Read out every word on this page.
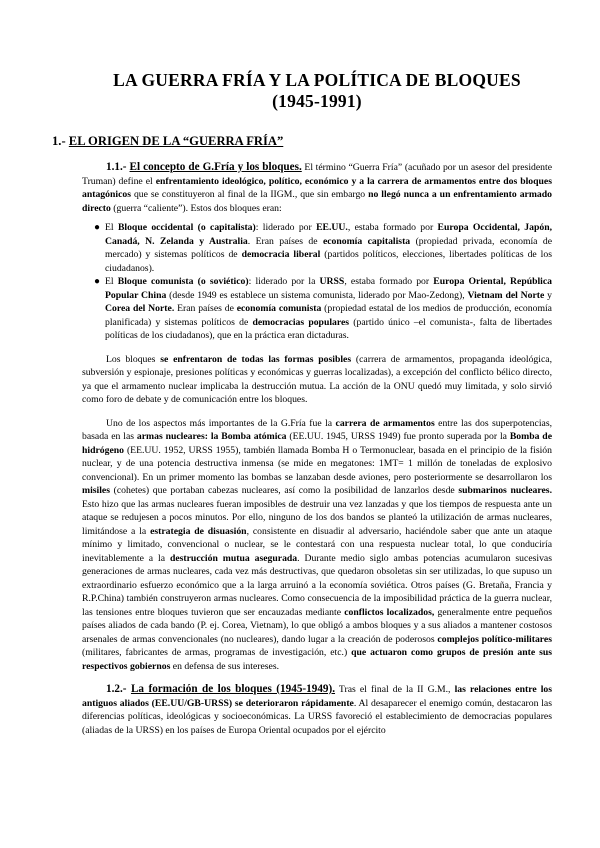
LA GUERRA FRÍA Y LA POLÍTICA DE BLOQUES
(1945-1991)
1.- EL ORIGEN DE LA “GUERRA FRÍA”

1.1.- El concepto de G.Fría y los bloques. El término “Guerra Fría” (acuñado por un asesor del presidente Truman) define el enfrentamiento ideológico, político, económico y a la carrera de armamentos entre dos bloques antagónicos que se constituyeron al final de la IIGM., que sin embargo no llegó nunca a un enfrentamiento armado directo (guerra “caliente”). Estos dos bloques eran:

● El Bloque occidental (o capitalista): liderado por EE.UU., estaba formado por Europa Occidental, Japón, Canadá, N. Zelanda y Australia. Eran países de economía capitalista (propiedad privada, economía de mercado) y sistemas políticos de democracia liberal (partidos políticos, elecciones, libertades políticas de los ciudadanos).
● El Bloque comunista (o soviético): liderado por la URSS, estaba formado por Europa Oriental, República Popular China (desde 1949 es establece un sistema comunista, liderado por Mao-Zedong), Vietnam del Norte y Corea del Norte. Eran países de economía comunista (propiedad estatal de los medios de producción, economía planificada) y sistemas políticos de democracias populares (partido único –el comunista-, falta de libertades políticas de los ciudadanos), que en la práctica eran dictaduras.

Los bloques se enfrentaron de todas las formas posibles (carrera de armamentos, propaganda ideológica, subversión y espionaje, presiones políticas y económicas y guerras localizadas), a excepción del conflicto bélico directo, ya que el armamento nuclear implicaba la destrucción mutua. La acción de la ONU quedó muy limitada, y solo sirvió como foro de debate y de comunicación entre los bloques.

Uno de los aspectos más importantes de la G.Fría fue la carrera de armamentos entre las dos superpotencias, basada en las armas nucleares: la Bomba atómica (EE.UU. 1945, URSS 1949) fue pronto superada por la Bomba de hidrógeno (EE.UU. 1952, URSS 1955), también llamada Bomba H o Termonuclear, basada en el principio de la fisión nuclear, y de una potencia destructiva inmensa (se mide en megatones: 1MT= 1 millón de toneladas de explosivo convencional). En un primer momento las bombas se lanzaban desde aviones, pero posteriormente se desarrollaron los misiles (cohetes) que portaban cabezas nucleares, así como la posibilidad de lanzarlos desde submarinos nucleares. Esto hizo que las armas nucleares fueran imposibles de destruir una vez lanzadas y que los tiempos de respuesta ante un ataque se redujesen a pocos minutos. Por ello, ninguno de los dos bandos se planteó la utilización de armas nucleares, limitándose a la estrategia de disuasión, consistente en disuadir al adversario, haciéndole saber que ante un ataque mínimo y limitado, convencional o nuclear, se le contestará con una respuesta nuclear total, lo que conduciría inevitablemente a la destrucción mutua asegurada. Durante medio siglo ambas potencias acumularon sucesivas generaciones de armas nucleares, cada vez más destructivas, que quedaron obsoletas sin ser utilizadas, lo que supuso un extraordinario esfuerzo económico que a la larga arruinó a la economía soviética. Otros países (G. Bretaña, Francia y R.P.China) también construyeron armas nucleares. Como consecuencia de la imposibilidad práctica de la guerra nuclear, las tensiones entre bloques tuvieron que ser encauzadas mediante conflictos localizados, generalmente entre pequeños países aliados de cada bando (P. ej. Corea, Vietnam), lo que obligó a ambos bloques y a sus aliados a mantener costosos arsenales de armas convencionales (no nucleares), dando lugar a la creación de poderosos complejos político-militares (militares, fabricantes de armas, programas de investigación, etc.) que actuaron como grupos de presión ante sus respectivos gobiernos en defensa de sus intereses.

1.2.- La formación de los bloques (1945-1949). Tras el final de la II G.M., las relaciones entre los antiguos aliados (EE.UU/GB-URSS) se deterioraron rápidamente. Al desaparecer el enemigo común, destacaron las diferencias políticas, ideológicas y socioeconómicas. La URSS favoreció el establecimiento de democracias populares (aliadas de la URSS) en los países de Europa Oriental ocupados por el ejército
